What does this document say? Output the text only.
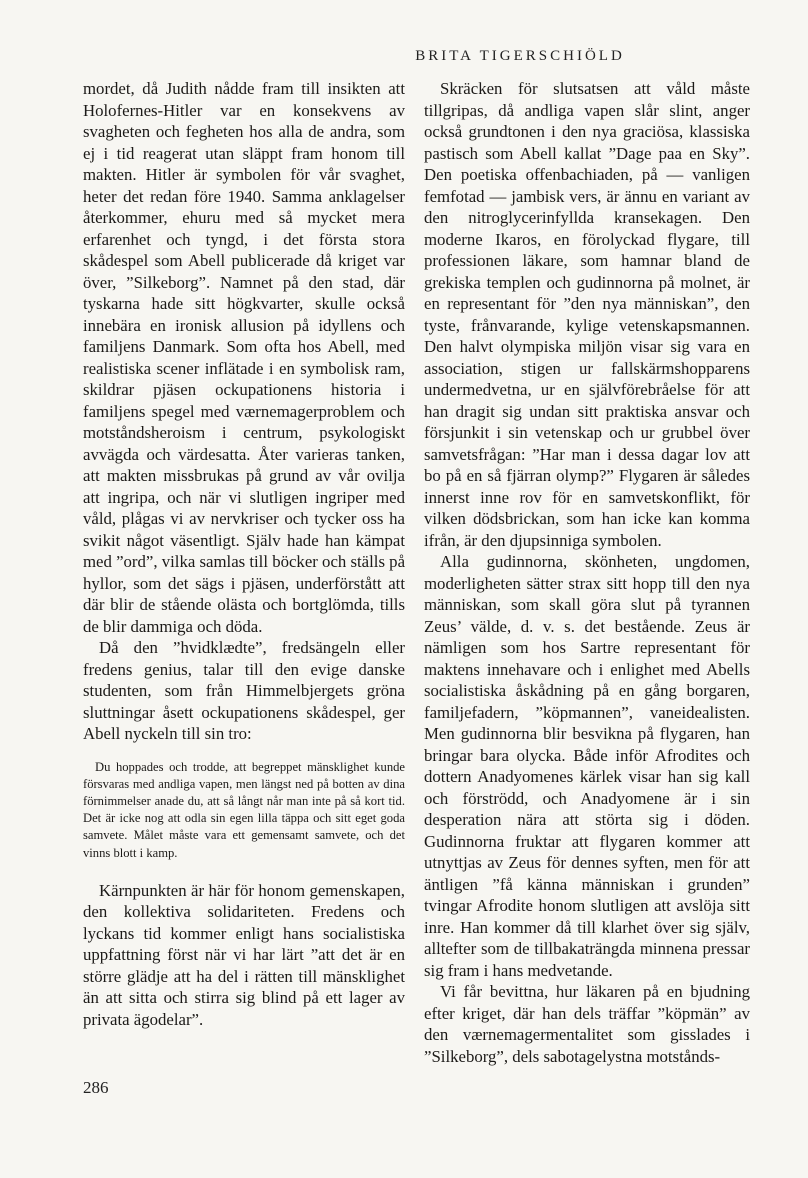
BRITA TIGERSCHIÖLD

mordet, då Judith nådde fram till insikten att Holofernes-Hitler var en konsekvens av svagheten och fegheten hos alla de andra, som ej i tid reagerat utan släppt fram honom till makten. Hitler är symbolen för vår svaghet, heter det redan före 1940. Samma anklagelser återkommer, ehuru med så mycket mera erfarenhet och tyngd, i det första stora skådespel som Abell publicerade då kriget var över, ”Silkeborg”. Namnet på den stad, där tyskarna hade sitt högkvarter, skulle också innebära en ironisk allusion på idyllens och familjens Danmark. Som ofta hos Abell, med realistiska scener inflätade i en symbolisk ram, skildrar pjäsen ockupationens historia i familjens spegel med værnemagerproblem och motståndsheroism i centrum, psykologiskt avvägda och värdesatta. Åter varieras tanken, att makten missbrukas på grund av vår ovilja att ingripa, och när vi slutligen ingriper med våld, plågas vi av nervkriser och tycker oss ha svikit något väsentligt. Själv hade han kämpat med ”ord”, vilka samlas till böcker och ställs på hyllor, som det sägs i pjäsen, underförstått att där blir de stående olästa och bortglömda, tills de blir dammiga och döda.

Då den ”hvidklædte”, fredsängeln eller fredens genius, talar till den evige danske studenten, som från Himmelbjergets gröna sluttningar åsett ockupationens skådespel, ger Abell nyckeln till sin tro:

Du hoppades och trodde, att begreppet mänsklighet kunde försvaras med andliga vapen, men längst ned på botten av dina förnimmelser anade du, att så långt når man inte på så kort tid. Det är icke nog att odla sin egen lilla täppa och sitt eget goda samvete. Målet måste vara ett gemensamt samvete, och det vinns blott i kamp.

Kärnpunkten är här för honom gemenskapen, den kollektiva solidariteten. Fredens och lyckans tid kommer enligt hans socialistiska uppfattning först när vi har lärt ”att det är en större glädje att ha del i rätten till mänsklighet än att sitta och stirra sig blind på ett lager av privata ägodelar”.

Skräcken för slutsatsen att våld måste tillgripas, då andliga vapen slår slint, anger också grundtonen i den nya graciösa, klassiska pastisch som Abell kallat ”Dage paa en Sky”. Den poetiska offenbachiaden, på — vanligen femfotad — jambisk vers, är ännu en variant av den nitroglycerinfyllda kransekagen. Den moderne Ikaros, en förolyckad flygare, till professionen läkare, som hamnar bland de grekiska templen och gudinnorna på molnet, är en representant för ”den nya människan”, den tyste, frånvarande, kylige vetenskapsmannen. Den halvt olympiska miljön visar sig vara en association, stigen ur fallskärmshopparens undermedvetna, ur en självförebråelse för att han dragit sig undan sitt praktiska ansvar och försjunkit i sin vetenskap och ur grubbel över samvetsfrågan: ”Har man i dessa dagar lov att bo på en så fjärran olymp?” Flygaren är således innerst inne rov för en samvetskonflikt, för vilken dödsbrickan, som han icke kan komma ifrån, är den djupsinniga symbolen.

Alla gudinnorna, skönheten, ungdomen, moderligheten sätter strax sitt hopp till den nya människan, som skall göra slut på tyrannen Zeus’ välde, d. v. s. det bestående. Zeus är nämligen som hos Sartre representant för maktens innehavare och i enlighet med Abells socialistiska åskådning på en gång borgaren, familjefadern, ”köpmannen”, vaneidealisten. Men gudinnorna blir besvikna på flygaren, han bringar bara olycka. Både inför Afrodites och dottern Anadyomenes kärlek visar han sig kall och förströdd, och Anadyomene är i sin desperation nära att störta sig i döden. Gudinnorna fruktar att flygaren kommer att utnyttjas av Zeus för dennes syften, men för att äntligen ”få känna människan i grunden” tvingar Afrodite honom slutligen att avslöja sitt inre. Han kommer då till klarhet över sig själv, alltefter som de tillbakaträngda minnena pressar sig fram i hans medvetande.

Vi får bevittna, hur läkaren på en bjudning efter kriget, där han dels träffar ”köpmän” av den værnemagermentalitet som gisslades i ”Silkeborg”, dels sabotagelystna motstånds-

286
